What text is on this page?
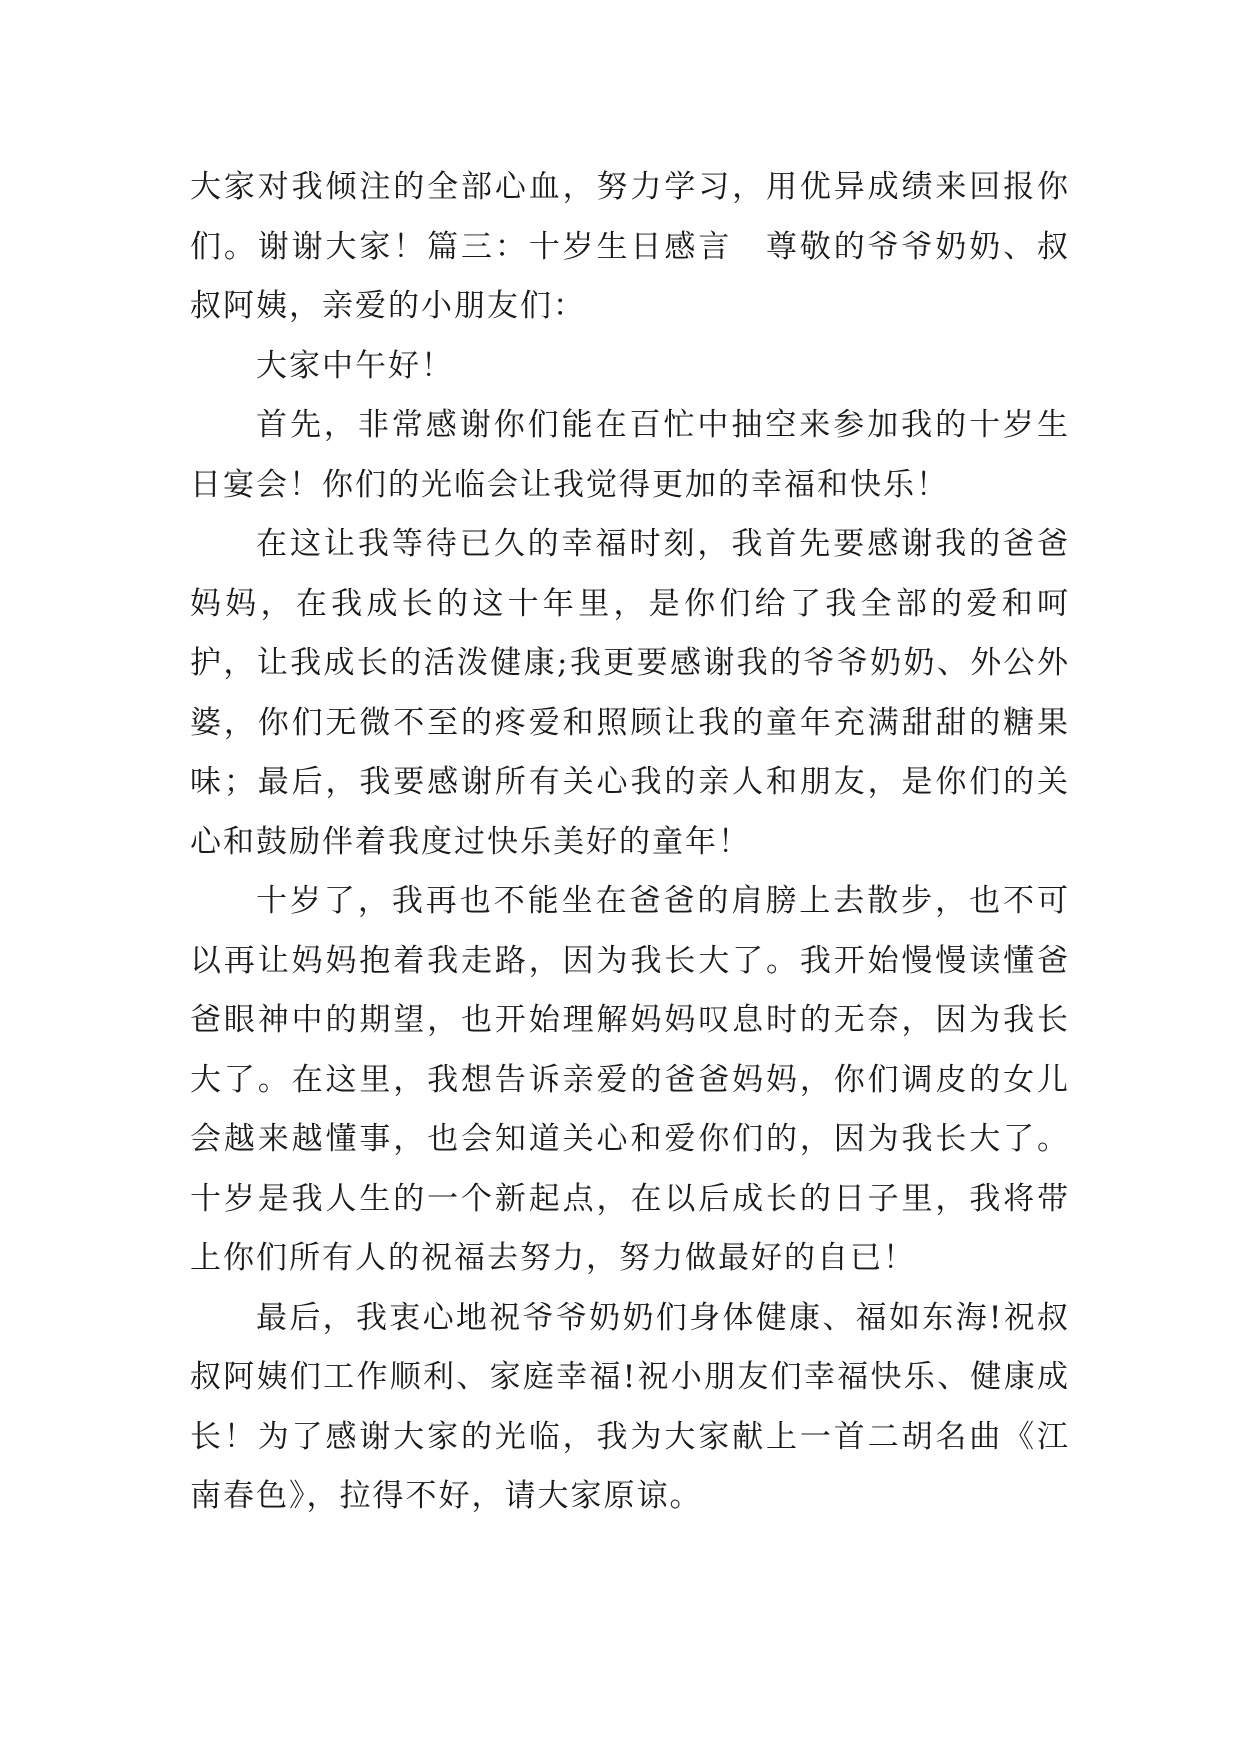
大家对我倾注的全部心血，努力学习，用优异成绩来回报你们。谢谢大家！篇三：十岁生日感言　尊敬的爷爷奶奶、叔叔阿姨，亲爱的小朋友们：

大家中午好！

首先，非常感谢你们能在百忙中抽空来参加我的十岁生日宴会！你们的光临会让我觉得更加的幸福和快乐！

在这让我等待已久的幸福时刻，我首先要感谢我的爸爸妈妈，在我成长的这十年里，是你们给了我全部的爱和呵护，让我成长的活泼健康;我更要感谢我的爷爷奶奶、外公外婆，你们无微不至的疼爱和照顾让我的童年充满甜甜的糖果味；最后，我要感谢所有关心我的亲人和朋友，是你们的关心和鼓励伴着我度过快乐美好的童年！

十岁了，我再也不能坐在爸爸的肩膀上去散步，也不可以再让妈妈抱着我走路，因为我长大了。我开始慢慢读懂爸爸眼神中的期望，也开始理解妈妈叹息时的无奈，因为我长大了。在这里，我想告诉亲爱的爸爸妈妈，你们调皮的女儿会越来越懂事，也会知道关心和爱你们的，因为我长大了。十岁是我人生的一个新起点，在以后成长的日子里，我将带上你们所有人的祝福去努力，努力做最好的自已！

最后，我衷心地祝爷爷奶奶们身体健康、福如东海!祝叔叔阿姨们工作顺利、家庭幸福!祝小朋友们幸福快乐、健康成长！为了感谢大家的光临，我为大家献上一首二胡名曲《江南春色》，拉得不好，请大家原谅。
